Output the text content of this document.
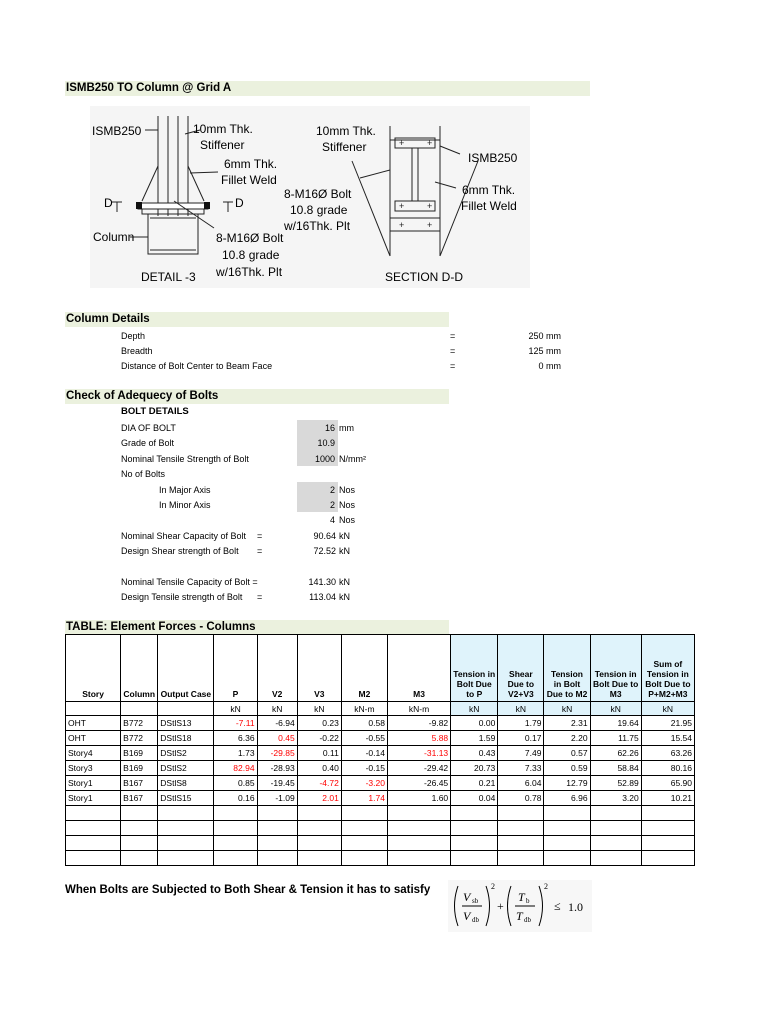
ISMB250 TO Column @ Grid A
+	+
+	+
+	+
ISMB250	10mm Thk.
Stiffener
6mm Thk.
Fillet Weld
D	D
Column	8-M16Ø Bolt
10.8 grade
w/16Thk. Plt
DETAIL -3
10mm Thk.
Stiffener
ISMB250
8-M16Ø Bolt
10.8 grade
w/16Thk. Plt
6mm Thk.
Fillet Weld
SECTION D-D
Column Details
Depth	=	250 mm
Breadth	=	125 mm
Distance of Bolt Center to Beam Face	=	0 mm
Check of Adequecy of Bolts
BOLT DETAILS
DIA OF BOLT	16 mm
Grade of Bolt	10.9
Nominal Tensile Strength of Bolt	1000 N/mm²
No of Bolts
In Major Axis	2 Nos
In Minor Axis	2 Nos
4 Nos
Nominal Shear Capacity of Bolt =	90.64 kN
Design Shear strength of Bolt =	72.52 kN
Nominal Tensile Capacity of Bolt =	141.30 kN
Design Tensile strength of Bolt =	113.04 kN
TABLE: Element Forces - Columns
Story	Column	Output Case	P	V2	V3	M2	M3	Tension in Bolt Due to P	Shear Due to V2+V3	Tension in Bolt Due to M2	Tension in Bolt Due to M3	Sum of Tension in Bolt Due to P+M2+M3
			kN	kN	kN	kN-m	kN-m	kN	kN	kN	kN	kN
OHT	B772	DStlS13	-7.11	-6.94	0.23	0.58	-9.82	0.00	1.79	2.31	19.64	21.95
OHT	B772	DStlS18	6.36	0.45	-0.22	-0.55	5.88	1.59	0.17	2.20	11.75	15.54
Story4	B169	DStlS2	1.73	-29.85	0.11	-0.14	-31.13	0.43	7.49	0.57	62.26	63.26
Story3	B169	DStlS2	82.94	-28.93	0.40	-0.15	-29.42	20.73	7.33	0.59	58.84	80.16
Story1	B167	DStlS8	0.85	-19.45	-4.72	-3.20	-26.45	0.21	6.04	12.79	52.89	65.90
Story1	B167	DStlS15	0.16	-1.09	2.01	1.74	1.60	0.04	0.78	6.96	3.20	10.21

When Bolts are Subjected to Both Shear & Tension it has to satisfy	V sb
V db
2
+
T b
T db
2
≤ 1.0
